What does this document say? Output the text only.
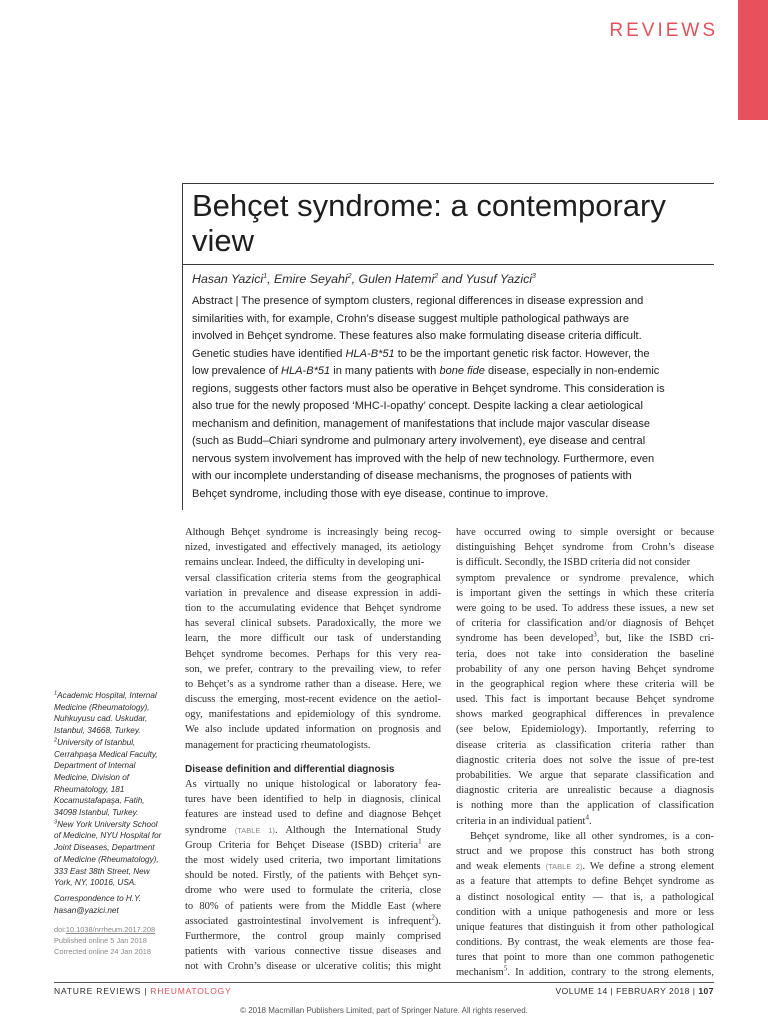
REVIEWS
Behçet syndrome: a contemporary view
Hasan Yazici$^1$, Emire Seyahi$^2$, Gulen Hatemi$^2$ and Yusuf Yazici$^3$
Abstract | The presence of symptom clusters, regional differences in disease expression and
similarities with, for example, Crohn’s disease suggest multiple pathological pathways are
involved in Behçet syndrome. These features also make formulating disease criteria difficult.
Genetic studies have identified HLA-B*51 to be the important genetic risk factor. However, the
low prevalence of HLA-B*51 in many patients with bone fide disease, especially in non-endemic
regions, suggests other factors must also be operative in Behçet syndrome. This consideration is
also true for the newly proposed ‘MHC-I-opathy’ concept. Despite lacking a clear aetiological
mechanism and definition, management of manifestations that include major vascular disease
(such as Budd–Chiari syndrome and pulmonary artery involvement), eye disease and central
nervous system involvement has improved with the help of new technology. Furthermore, even
with our incomplete understanding of disease mechanisms, the prognoses of patients with
Behçet syndrome, including those with eye disease, continue to improve.
Although Behçet syndrome is increasingly being recog-
nized, investigated and effectively managed, its aetiology
remains unclear. Indeed, the difficulty in developing uni-
versal classification criteria stems from the geographical
variation in prevalence and disease expression in addi-
tion to the accumulating evidence that Behçet syndrome
has several clinical subsets. Paradoxically, the more we
learn, the more difficult our task of understanding
Behçet syndrome becomes. Perhaps for this very rea-
son, we prefer, contrary to the prevailing view, to refer
to Behçet’s as a syndrome rather than a disease. Here, we
discuss the emerging, most-recent evidence on the aetiol-
ogy, manifestations and epidemiology of this syndrome.
We also include updated information on prognosis and
management for practicing rheumatologists.
Disease definition and differential diagnosis
As virtually no unique histological or laboratory fea-
tures have been identified to help in diagnosis, clinical
features are instead used to define and diagnose Behçet
syndrome (TABLE 1). Although the International Study
Group Criteria for Behçet Disease (ISBD) criteria$^1$ are
the most widely used criteria, two important limitations
should be noted. Firstly, of the patients with Behçet syn-
drome who were used to formulate the criteria, close
to 80% of patients were from the Middle East (where
associated gastrointestinal involvement is infrequent$^2$).
Furthermore, the control group mainly comprised
patients with various connective tissue diseases and
not with Crohn’s disease or ulcerative colitis; this might
have occurred owing to simple oversight or because
distinguishing Behçet syndrome from Crohn’s disease
is difficult. Secondly, the ISBD criteria did not consider
symptom prevalence or syndrome prevalence, which
is important given the settings in which these criteria
were going to be used. To address these issues, a new set
of criteria for classification and/or diagnosis of Behçet
syndrome has been developed$^3$, but, like the ISBD cri-
teria, does not take into consideration the baseline
probability of any one person having Behçet syndrome
in the geographical region where these criteria will be
used. This fact is important because Behçet syndrome
shows marked geographical differences in prevalence
(see below, Epidemiology). Importantly, referring to
disease criteria as classification criteria rather than
diagnostic criteria does not solve the issue of pre-test
probabilities. We argue that separate classification and
diagnostic criteria are unrealistic because a diagnosis
is nothing more than the application of classification
criteria in an individual patient$^4$.
Behçet syndrome, like all other syndromes, is a con-
struct and we propose this construct has both strong
and weak elements (TABLE 2). We define a strong element
as a feature that attempts to define Behçet syndrome as
a distinct nosological entity — that is, a pathological
condition with a unique pathogenesis and more or less
unique features that distinguish it from other pathological
conditions. By contrast, the weak elements are those fea-
tures that point to more than one common pathogenetic
mechanism$^5$. In addition, contrary to the strong elements,
$^1$Academic Hospital, Internal
Medicine (Rheumatology),
Nuhkuyusu cad. Uskudar,
Istanbul, 34668, Turkey.
$^2$University of Istanbul,
Cerrahpaşa Medical Faculty,
Department of Internal
Medicine, Division of
Rheumatology, 181
Kocamustafapaşa, Fatih,
34098 Istanbul, Turkey.
$^3$New York University School
of Medicine, NYU Hospital for
Joint Diseases, Department
of Medicine (Rheumatology),
333 East 38th Street, New
York, NY, 10016, USA.
Correspondence to H.Y.
hasan@yazici.net
doi:10.1038/nrrheum.2017.208
Published online 5 Jan 2018
Corrected online 24 Jan 2018
NATURE REVIEWS | RHEUMATOLOGY	VOLUME 14 | FEBRUARY 2018 | 107
© 2018 Macmillan Publishers Limited, part of Springer Nature. All rights reserved.
